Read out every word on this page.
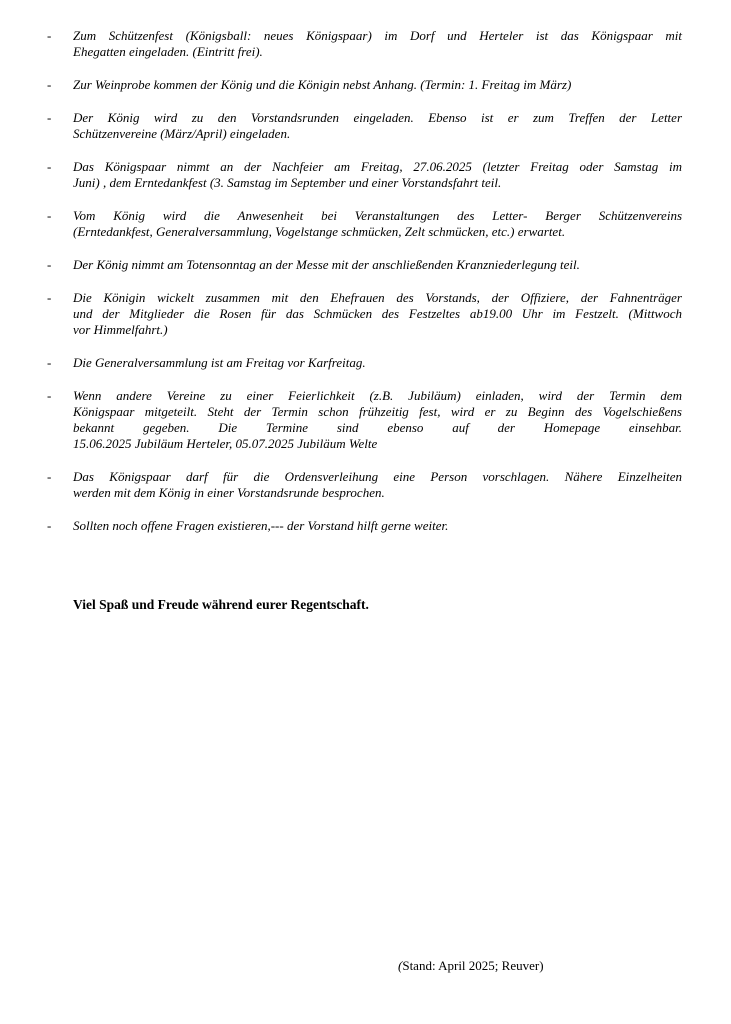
-	Zum Schützenfest (Königsball: neues Königspaar) im Dorf und Herteler ist das Königspaar mit
Ehegatten eingeladen. (Eintritt frei).
-	Zur Weinprobe kommen der König und die Königin nebst Anhang. (Termin: 1. Freitag im März)
-	Der König wird zu den Vorstandsrunden eingeladen. Ebenso ist er zum Treffen der Letter
Schützenvereine (März/April) eingeladen.
-	Das Königspaar nimmt an der Nachfeier am Freitag, 27.06.2025 (letzter Freitag oder Samstag im
Juni) , dem Erntedankfest (3. Samstag im September und einer Vorstandsfahrt teil.
-	Vom König wird die Anwesenheit bei Veranstaltungen des Letter- Berger Schützenvereins
(Erntedankfest, Generalversammlung, Vogelstange schmücken, Zelt schmücken, etc.) erwartet.
-	Der König nimmt am Totensonntag an der Messe mit der anschließenden Kranzniederlegung teil.
-	Die Königin wickelt zusammen mit den Ehefrauen des Vorstands, der Offiziere, der Fahnenträger
und der Mitglieder die Rosen für das Schmücken des Festzeltes ab19.00 Uhr im Festzelt. (Mittwoch
vor Himmelfahrt.)
-	Die Generalversammlung ist am Freitag vor Karfreitag.
-	Wenn andere Vereine zu einer Feierlichkeit (z.B. Jubiläum) einladen, wird der Termin dem
Königspaar mitgeteilt. Steht der Termin schon frühzeitig fest, wird er zu Beginn des Vogelschießens
bekannt gegeben. Die Termine sind ebenso auf der Homepage einsehbar.
15.06.2025 Jubiläum Herteler, 05.07.2025 Jubiläum Welte
-	Das Königspaar darf für die Ordensverleihung eine Person vorschlagen. Nähere Einzelheiten
werden mit dem König in einer Vorstandsrunde besprochen.
-	Sollten noch offene Fragen existieren,--- der Vorstand hilft gerne weiter.
Viel Spaß und Freude während eurer Regentschaft.
(Stand: April 2025; Reuver)
